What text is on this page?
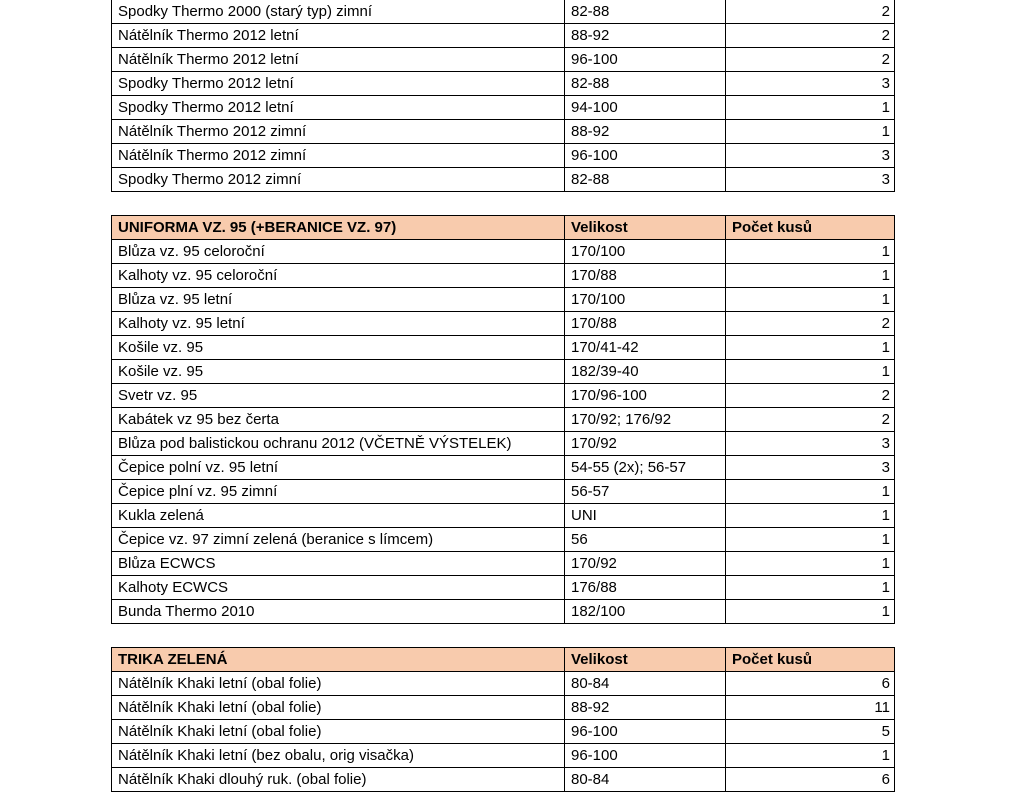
Spodky Thermo 2000 (starý typ) zimní	82-88	2
Nátělník Thermo 2012 letní	88-92	2
Nátělník Thermo 2012 letní	96-100	2
Spodky Thermo 2012 letní	82-88	3
Spodky Thermo 2012 letní	94-100	1
Nátělník Thermo 2012 zimní	88-92	1
Nátělník Thermo 2012 zimní	96-100	3
Spodky Thermo 2012 zimní	82-88	3
UNIFORMA VZ. 95 (+BERANICE VZ. 97)	Velikost	Počet kusů
Blůza vz. 95 celoroční	170/100	1
Kalhoty vz. 95 celoroční	170/88	1
Blůza vz. 95 letní	170/100	1
Kalhoty vz. 95 letní	170/88	2
Košile vz. 95	170/41-42	1
Košile vz. 95	182/39-40	1
Svetr vz. 95	170/96-100	2
Kabátek vz 95 bez čerta	170/92; 176/92	2
Blůza pod balistickou ochranu 2012 (VČETNĚ VÝSTELEK)	170/92	3
Čepice polní vz. 95 letní	54-55 (2x); 56-57	3
Čepice plní vz. 95 zimní	56-57	1
Kukla zelená	UNI	1
Čepice vz. 97 zimní zelená (beranice s límcem)	56	1
Blůza ECWCS	170/92	1
Kalhoty ECWCS	176/88	1
Bunda Thermo 2010	182/100	1
TRIKA ZELENÁ	Velikost	Počet kusů
Nátělník Khaki letní (obal folie)	80-84	6
Nátělník Khaki letní (obal folie)	88-92	11
Nátělník Khaki letní (obal folie)	96-100	5
Nátělník Khaki letní (bez obalu, orig visačka)	96-100	1
Nátělník Khaki dlouhý ruk. (obal folie)	80-84	6
